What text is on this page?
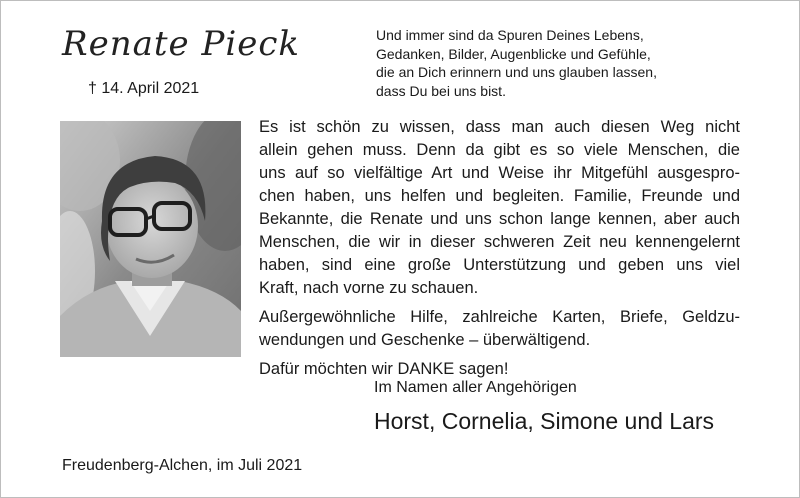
Renate Pieck
† 14. April 2021
Und immer sind da Spuren Deines Lebens,
Gedanken, Bilder, Augenblicke und Gefühle,
die an Dich erinnern und uns glauben lassen,
dass Du bei uns bist.
Es ist schön zu wissen, dass man auch diesen Weg nicht
allein gehen muss. Denn da gibt es so viele Menschen, die
uns auf so vielfältige Art und Weise ihr Mitgefühl ausgespro-
chen haben, uns helfen und begleiten. Familie, Freunde und
Bekannte, die Renate und uns schon lange kennen, aber auch
Menschen, die wir in dieser schweren Zeit neu kennengelernt
haben, sind eine große Unterstützung und geben uns viel
Kraft, nach vorne zu schauen.
Außergewöhnliche Hilfe, zahlreiche Karten, Briefe, Geldzu-
wendungen und Geschenke – überwältigend.
Dafür möchten wir DANKE sagen!
Im Namen aller Angehörigen
Horst, Cornelia, Simone und Lars
Freudenberg-Alchen, im Juli 2021
